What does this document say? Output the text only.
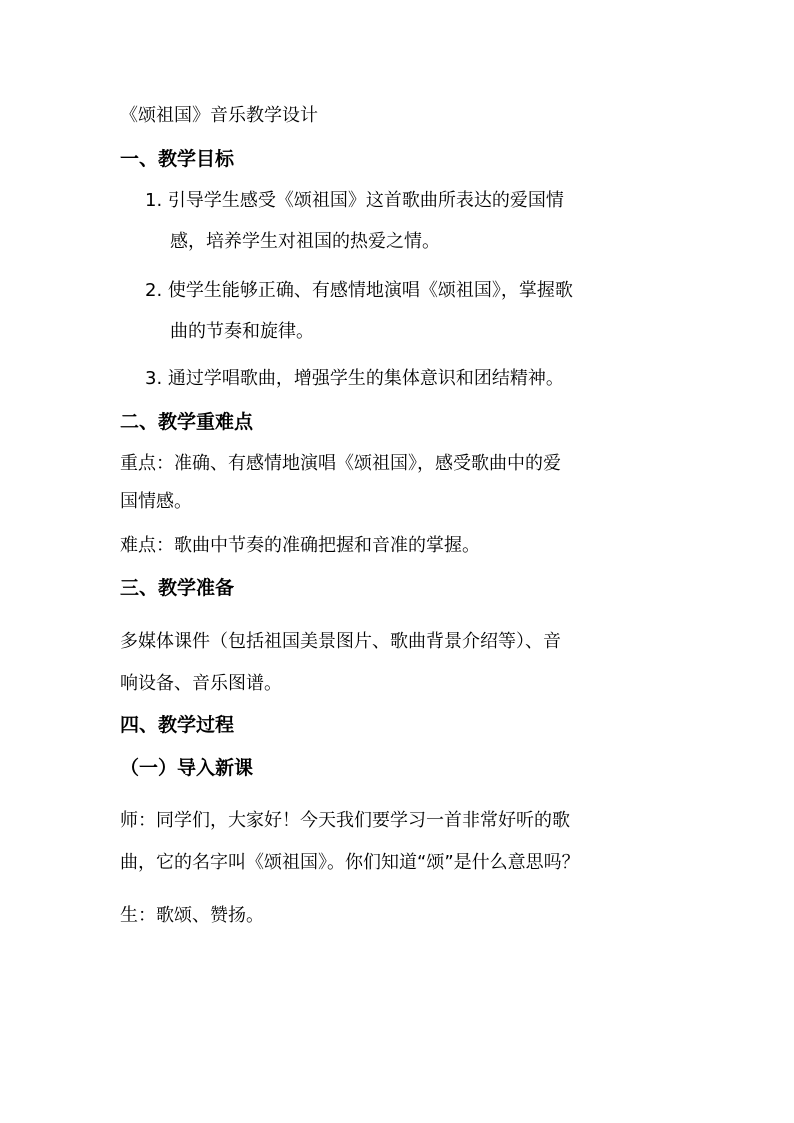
《颂祖国》音乐教学设计
一、教学目标
1. 引导学生感受《颂祖国》这首歌曲所表达的爱国情
感，培养学生对祖国的热爱之情。
2. 使学生能够正确、有感情地演唱《颂祖国》，掌握歌
曲的节奏和旋律。
3. 通过学唱歌曲，增强学生的集体意识和团结精神。
二、教学重难点
重点：准确、有感情地演唱《颂祖国》，感受歌曲中的爱
国情感。
难点：歌曲中节奏的准确把握和音准的掌握。
三、教学准备
多媒体课件（包括祖国美景图片、歌曲背景介绍等）、音
响设备、音乐图谱。
四、教学过程
（一）导入新课
师：同学们，大家好！今天我们要学习一首非常好听的歌
曲，它的名字叫《颂祖国》。你们知道“颂”是什么意思吗？
生：歌颂、赞扬。
